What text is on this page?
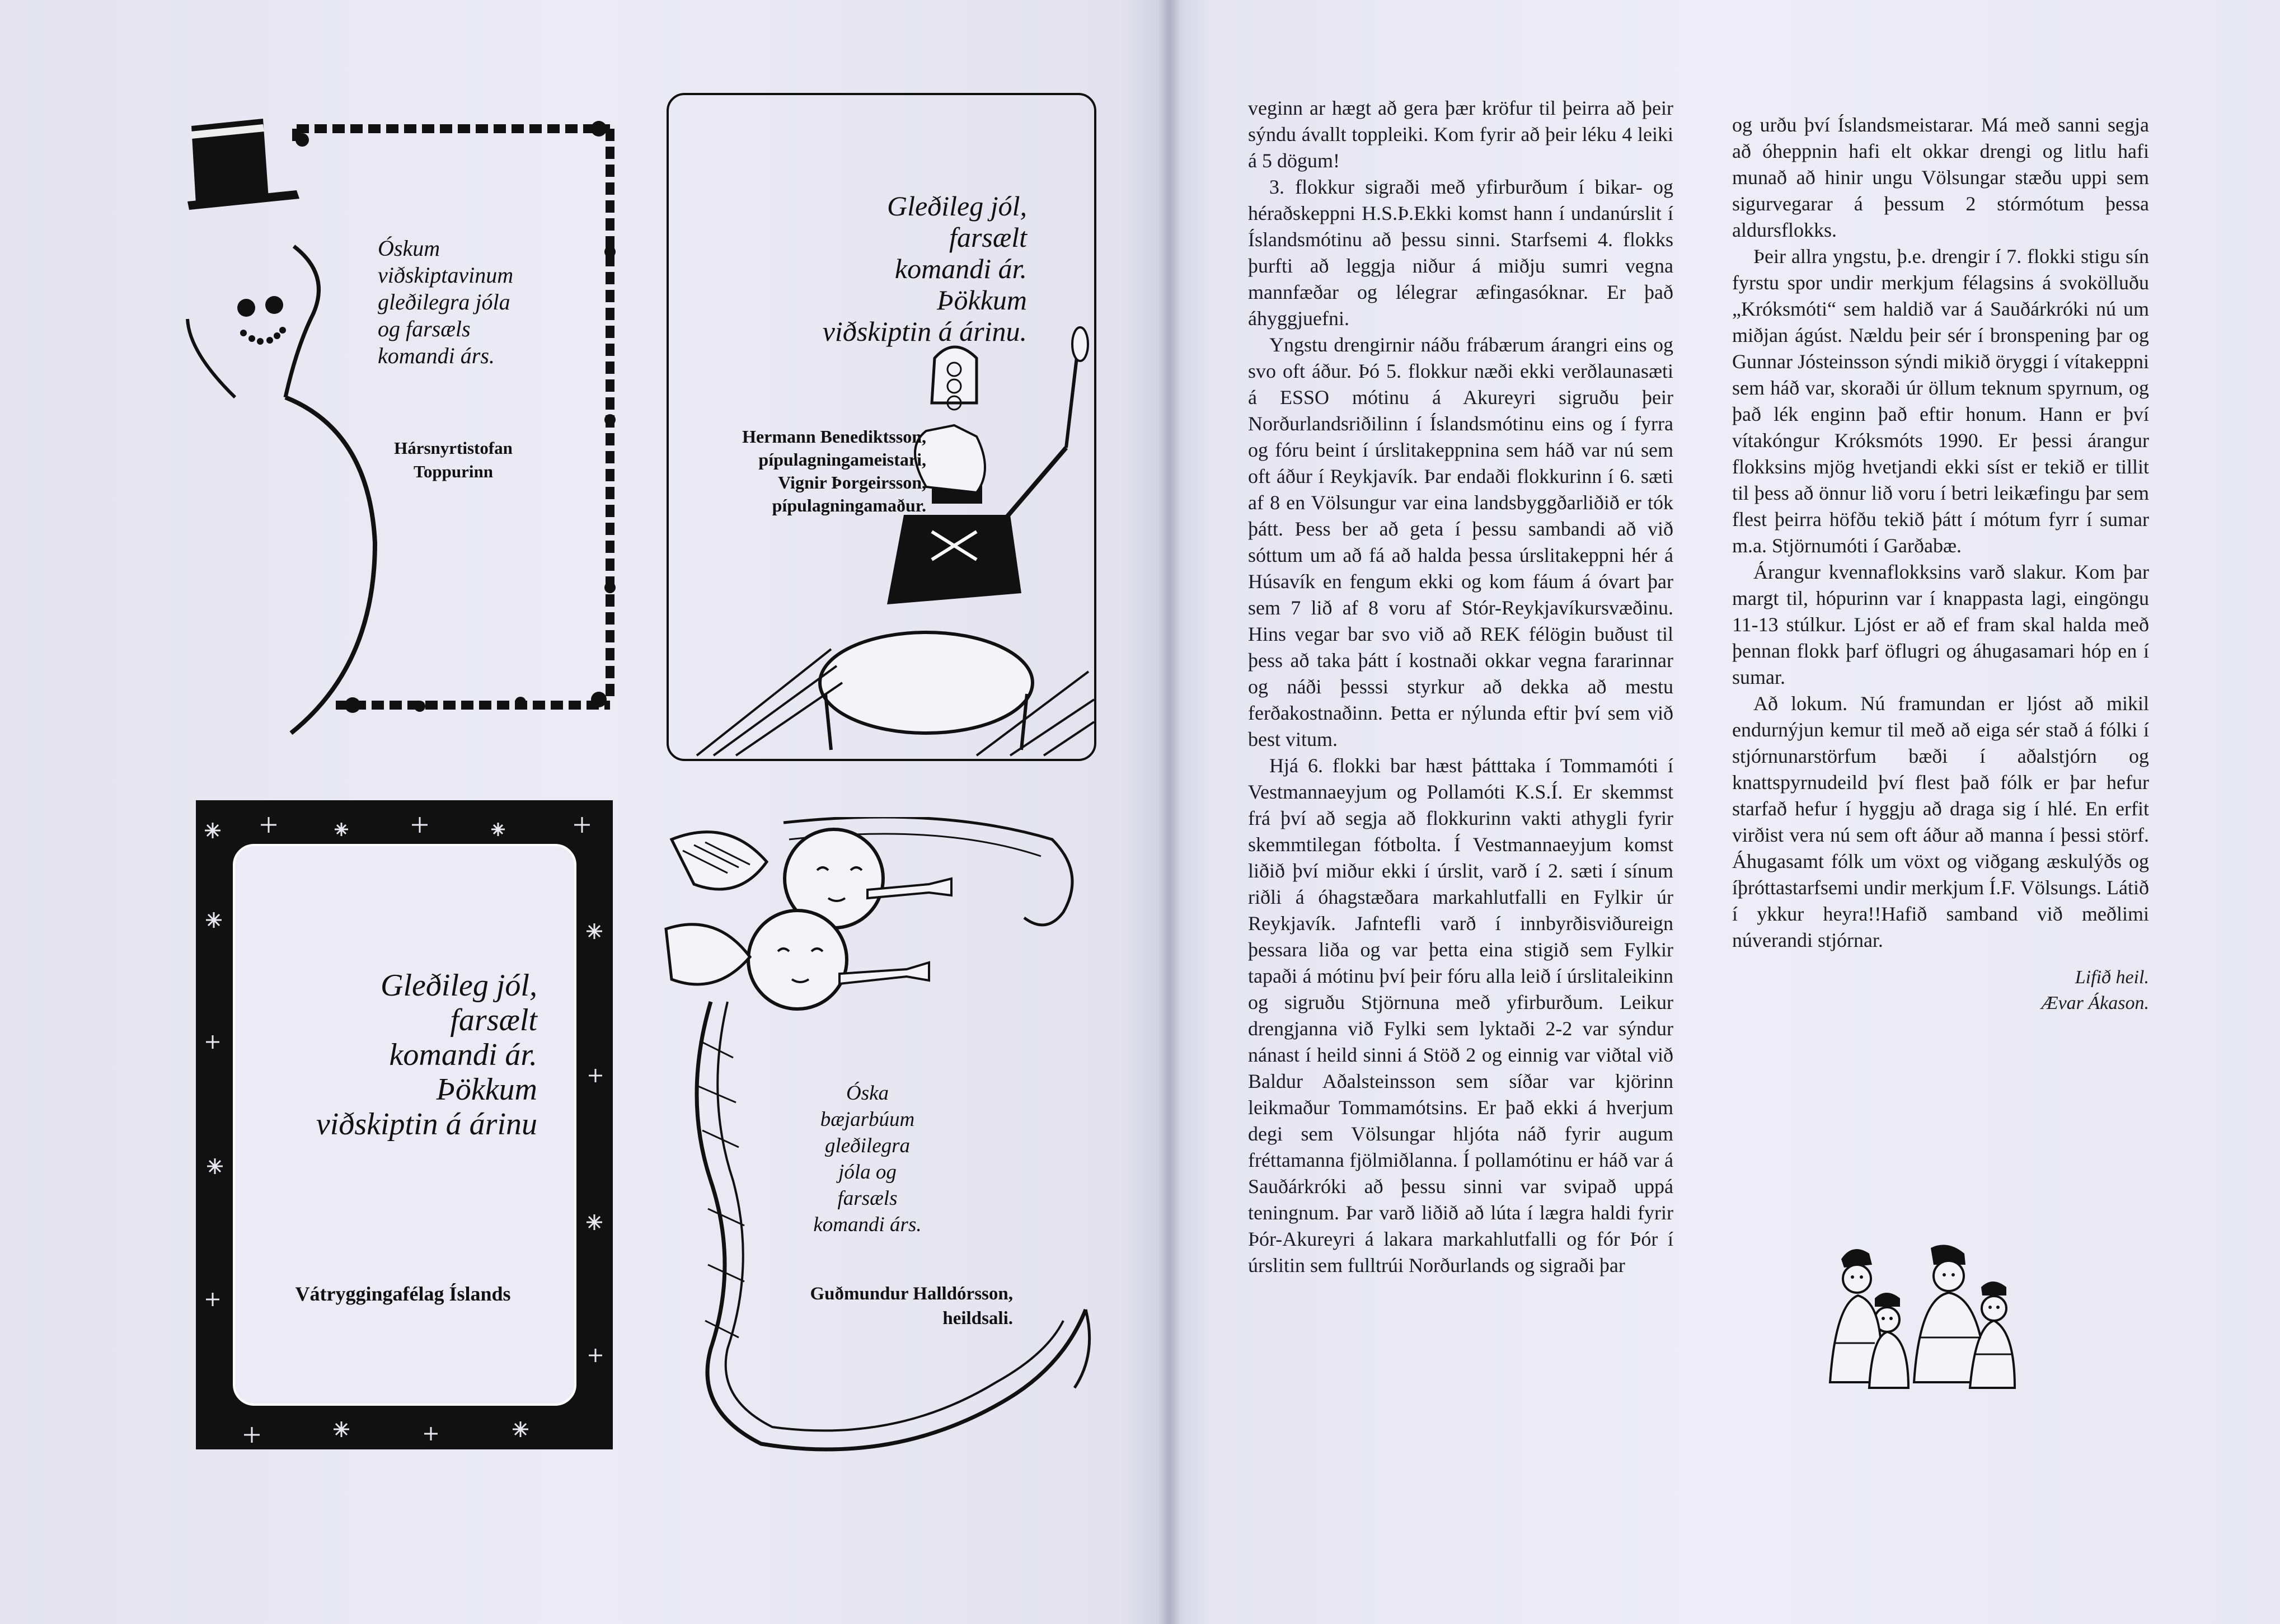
Óskum
viðskiptavinum
gleðilegra jóla
og farsæls
komandi árs.
Hársnyrtistofan
Toppurinn
Gleðileg jól,
farsælt
komandi ár.
Þökkum
viðskiptin á árinu.
Hermann Benediktsson,
pípulagningameistari,
Vignir Þorgeirsson,
pípulagningamaður.
Gleðileg jól,
farsælt
komandi ár.
Þökkum
viðskiptin á árinu
Vátryggingafélag Íslands
Óska
bæjarbúum
gleðilegra
jóla og
farsæls
komandi árs.
Guðmundur Halldórsson,
heildsali.

veginn ar hægt að gera þær kröfur til þeirra að þeir sýndu ávallt toppleiki. Kom fyrir að þeir léku 4 leiki á 5 dögum!

3. flokkur sigraði með yfirburðum í bikar- og héraðskeppni H.S.Þ.Ekki komst hann í undanúrslit í Íslandsmótinu að þessu sinni. Starfsemi 4. flokks þurfti að leggja niður á miðju sumri vegna mannfæðar og lélegrar æfingasóknar. Er það áhyggjuefni.

Yngstu drengirnir náðu frábærum árangri eins og svo oft áður. Þó 5. flokkur næði ekki verðlaunasæti á ESSO mótinu á Akureyri sigruðu þeir Norðurlandsriðilinn í Íslandsmótinu eins og í fyrra og fóru beint í úrslitakeppnina sem háð var nú sem oft áður í Reykjavík. Þar endaði flokkurinn í 6. sæti af 8 en Völsungur var eina landsbyggðarliðið er tók þátt. Þess ber að geta í þessu sambandi að við sóttum um að fá að halda þessa úrslitakeppni hér á Húsavík en fengum ekki og kom fáum á óvart þar sem 7 lið af 8 voru af Stór-Reykjavíkursvæðinu. Hins vegar bar svo við að REK félögin buðust til þess að taka þátt í kostnaði okkar vegna fararinnar og náði þesssi styrkur að dekka að mestu ferðakostnaðinn. Þetta er nýlunda eftir því sem við best vitum.

Hjá 6. flokki bar hæst þátttaka í Tommamóti í Vestmannaeyjum og Pollamóti K.S.Í. Er skemmst frá því að segja að flokkurinn vakti athygli fyrir skemmtilegan fótbolta. Í Vestmannaeyjum komst liðið því miður ekki í úrslit, varð í 2. sæti í sínum riðli á óhagstæðara markahlutfalli en Fylkir úr Reykjavík. Jafntefli varð í innbyrðisviðureign þessara liða og var þetta eina stigið sem Fylkir tapaði á mótinu því þeir fóru alla leið í úrslitaleikinn og sigruðu Stjörnuna með yfirburðum. Leikur drengjanna við Fylki sem lyktaði 2-2 var sýndur nánast í heild sinni á Stöð 2 og einnig var viðtal við Baldur Aðalsteinsson sem síðar var kjörinn leikmaður Tommamótsins. Er það ekki á hverjum degi sem Völsungar hljóta náð fyrir augum fréttamanna fjölmiðlanna. Í pollamótinu er háð var á Sauðárkróki að þessu sinni var svipað uppá teningnum. Þar varð liðið að lúta í lægra haldi fyrir Þór-Akureyri á lakara markahlutfalli og fór Þór í úrslitin sem fulltrúi Norðurlands og sigraði þar

og urðu því Íslandsmeistarar. Má með sanni segja að óheppnin hafi elt okkar drengi og litlu hafi munað að hinir ungu Völsungar stæðu uppi sem sigurvegarar á þessum 2 stórmótum þessa aldursflokks.

Þeir allra yngstu, þ.e. drengir í 7. flokki stigu sín fyrstu spor undir merkjum félagsins á svokölluðu „Króksmóti“ sem haldið var á Sauðárkróki nú um miðjan ágúst. Nældu þeir sér í bronspening þar og Gunnar Jósteinsson sýndi mikið öryggi í vítakeppni sem háð var, skoraði úr öllum teknum spyrnum, og það lék enginn það eftir honum. Hann er því vítakóngur Króksmóts 1990. Er þessi árangur flokksins mjög hvetjandi ekki síst er tekið er tillit til þess að önnur lið voru í betri leikæfingu þar sem flest þeirra höfðu tekið þátt í mótum fyrr í sumar m.a. Stjörnumóti í Garðabæ.

Árangur kvennaflokksins varð slakur. Kom þar margt til, hópurinn var í knappasta lagi, eingöngu 11-13 stúlkur. Ljóst er að ef fram skal halda með þennan flokk þarf öflugri og áhugasamari hóp en í sumar.

Að lokum. Nú framundan er ljóst að mikil endurnýjun kemur til með að eiga sér stað á fólki í stjórnunarstörfum bæði í aðalstjórn og knattspyrnudeild því flest það fólk er þar hefur starfað hefur í hyggju að draga sig í hlé. En erfit virðist vera nú sem oft áður að manna í þessi störf. Áhugasamt fólk um vöxt og viðgang æskulýðs og íþróttastarfsemi undir merkjum Í.F. Völsungs. Látið í ykkur heyra!!Hafið samband við meðlimi núverandi stjórnar.

Lifið heil.
Ævar Ákason.
